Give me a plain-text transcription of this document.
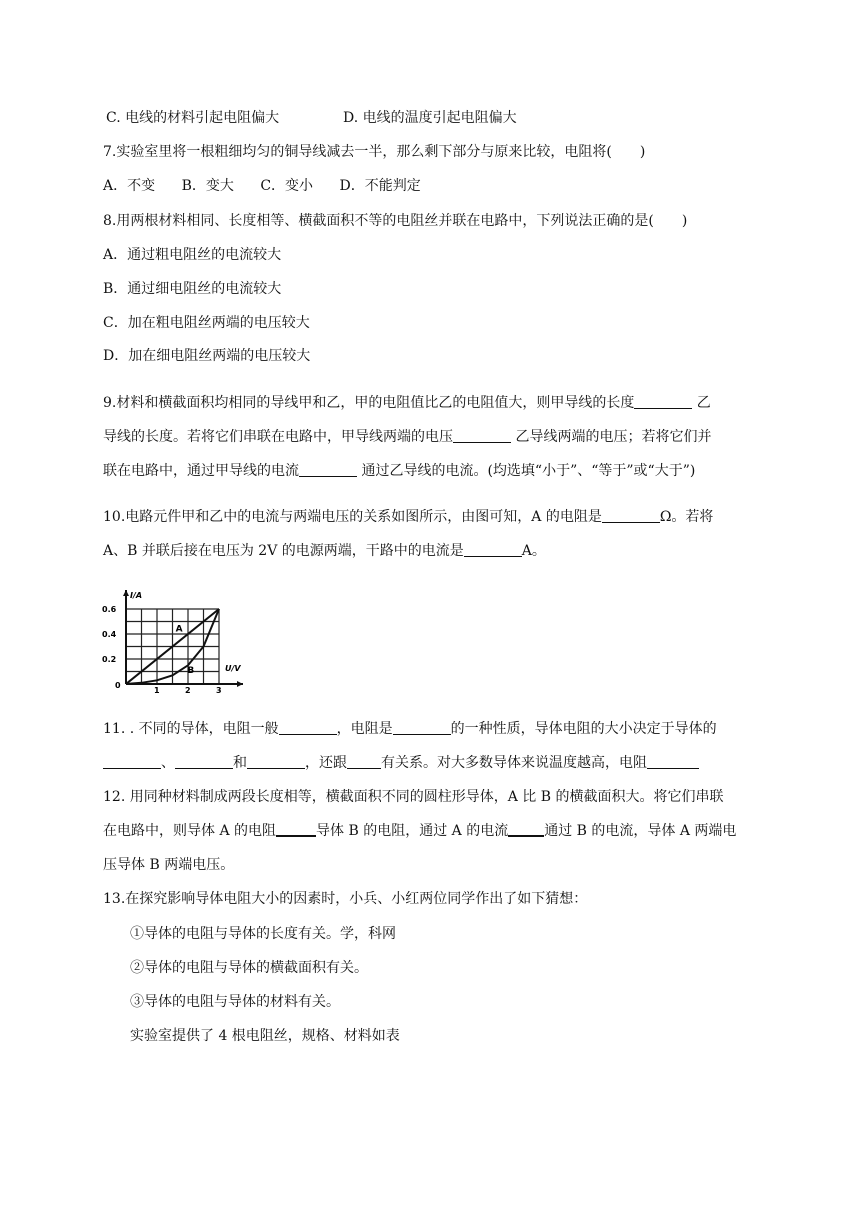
C. 电线的材料引起电阻偏大	D. 电线的温度引起电阻偏大
7.实验室里将一根粗细均匀的铜导线减去一半，那么剩下部分与原来比较，电阻将(　　)
A．不变 B．变大 C．变小 D．不能判定
8.用两根材料相同、长度相等、横截面积不等的电阻丝并联在电路中，下列说法正确的是(　　)
A．通过粗电阻丝的电流较大
B．通过细电阻丝的电流较大
C．加在粗电阻丝两端的电压较大
D．加在细电阻丝两端的电压较大
9.材料和横截面积均相同的导线甲和乙，甲的电阻值比乙的电阻值大，则甲导线的长度	乙
导线的长度。若将它们串联在电路中，甲导线两端的电压	乙导线两端的电压；若将它们并
联在电路中，通过甲导线的电流	通过乙导线的电流。(均选填“小于”、“等于”或“大于”)
10.电路元件甲和乙中的电流与两端电压的关系如图所示，由图可知，A 的电阻是	Ω。若将
A、B 并联后接在电压为 2V 的电源两端，干路中的电流是	A。
A
B
0.2
0.4
0.6
0
1	2	3
U/V
I/A
11. . 不同的导体，电阻一般	，电阻是	的一种性质，导体电阻的大小决定于导体的
、	和	，还跟 有关系。对大多数导体来说温度越高，电阻
12. 用同种材料制成两段长度相等，横截面积不同的圆柱形导体，A 比 B 的横截面积大。将它们串联
在电路中，则导体 A 的电阻	导体 B 的电阻，通过 A 的电流	通过 B 的电流，导体 A 两端电
压导体 B 两端电压。
13.在探究影响导体电阻大小的因素时，小兵、小红两位同学作出了如下猜想：
①导体的电阻与导体的长度有关。学，科网
②导体的电阻与导体的横截面积有关。
③导体的电阻与导体的材料有关。
实验室提供了 4 根电阻丝，规格、材料如表
